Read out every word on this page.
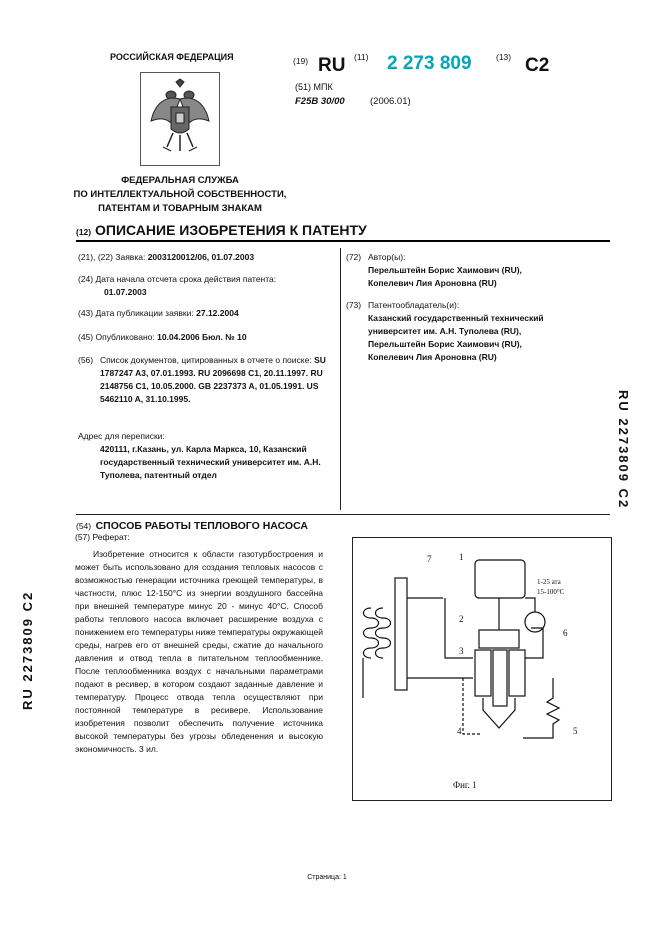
РОССИЙСКАЯ ФЕДЕРАЦИЯ
ФЕДЕРАЛЬНАЯ СЛУЖБА
ПО ИНТЕЛЛЕКТУАЛЬНОЙ СОБСТВЕННОСТИ,
ПАТЕНТАМ И ТОВАРНЫМ ЗНАКАМ
(19) RU (11) 2 273 809	(13) C2
(51) МПК
F25B 30/00	(2006.01)
(12) ОПИСАНИЕ ИЗОБРЕТЕНИЯ К ПАТЕНТУ
(21), (22) Заявка: 2003120012/06, 01.07.2003
(24) Дата начала отсчета срока действия патента:
01.07.2003
(43) Дата публикации заявки: 27.12.2004
(45) Опубликовано: 10.04.2006 Бюл. № 10
(56) Список документов, цитированных в отчете о поиске: SU 1787247 A3, 07.01.1993. RU 2096698 C1, 20.11.1997. RU 2148756 C1, 10.05.2000. GB 2237373 A, 01.05.1991. US 5462110 A, 31.10.1995.
Адрес для переписки:
420111, г.Казань, ул. Карла Маркса, 10, Казанский государственный технический университет им. А.Н. Туполева, патентный отдел
(72) Автор(ы):
Перельштейн Борис Хаимович (RU),
Копелевич Лия Ароновна (RU)
(73) Патентообладатель(и):
Казанский государственный технический университет им. А.Н. Туполева (RU),
Перельштейн Борис Хаимович (RU),
Копелевич Лия Ароновна (RU)
(54) СПОСОБ РАБОТЫ ТЕПЛОВОГО НАСОСА
(57) Реферат:
Изобретение относится к области газотурбостроения и может быть использовано для создания тепловых насосов с возможностью генерации источника греющей температуры, в частности, плюс 12-150°C из энергии воздушного бассейна при внешней температуре минус 20 - минус 40°C. Способ работы теплового насоса включает расширение воздуха с понижением его температуры ниже температуры окружающей среды, нагрев его от внешней среды, сжатие до начального давления и отвод тепла в питательном теплообменнике. После теплообменника воздух с начальными параметрами подают в ресивер, в котором создают заданные давление и температуру. Процесс отвода тепла осуществляют при постоянной температуре в ресивере. Использование изобретения позволит обеспечить получение источника высокой температуры без угрозы обледенения и высокую экономичность. 3 ил.
1
2
3
4	5
6
7
1-25 ата
15-100°C
Фиг. 1
RU 2273809 C2
RU 2273809 C2
Страница: 1
